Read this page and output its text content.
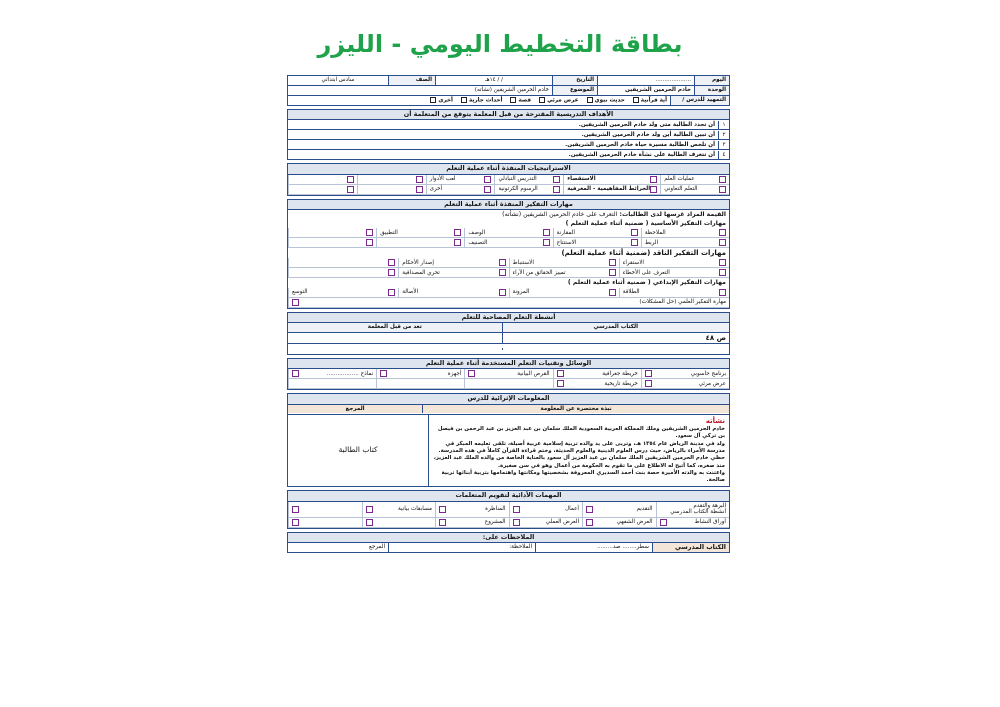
بطاقة التخطيط اليومي - الليزر
اليوم
....................
التاريخ
/ / ١٤هـ
الصف
سادس ابتدائي
الوحدة
خادم الحرمين الشريفين
الموضوع
خادم الحرمين الشريفين (نشأته)
التمهيد للدرس /
آية قرآنية
حديث نبوي
عرض مرئي
قصة
أحداث جارية
أخرى
الأهداف التدريسية المقترحة من قبل المعلمة يتوقع من المتعلمة أن
١
أن تحدد الطالبة متى ولد خادم الحرمين الشريفين.
٢
أن تبين الطالبة أين ولد خادم الحرمين الشريفين.
٣
أن تلخص الطالبة مسيرة حياة خادم الحرمين الشريفين.
٤
أن تتعرف الطالبة على نشأة خادم الحرمين الشريفين.
الاستراتيجيات المنفذة أثناء عملية التعلم
عمليات العلم
الاستقصاء
التدريس التبادلي
لعب الأدوار
التعلم التعاوني
الخرائط المفاهيمية - المعرفية
الرسوم الكرتونية
أخرى
مهارات التفكير المنفذة أثناء عملية التعلم
القيمة المراد غرسها لدى الطالبات: التعرف على خادم الحرمين الشريفين (نشأته)
مهارات التفكير الأساسية ( ضمنية أثناء عملية التعلم )
الملاحظة
المقارنة
الوصف
التطبيق
الربط
الاستنتاج
التصنيف
مهارات التفكير الناقد (ضمنية أثناء عملية التعلم)
الاستقراء
الاستنباط
إصدار الأحكام
التعرف على الأخطاء
تمييز الحقائق من الآراء
تحري المصداقية
مهارات التفكير الإبداعي ( ضمنية أثناء عملية التعلم )
الطلاقة
المرونة
الأصالة
التوسع
مهارة التفكير العلمي (حل المشكلات)
أنشطة التعلم المصاحبة للتعلم
الكتاب المدرسي
تعد من قبل المعلمة
ص ٤٨
الوسائل وتقنيات التعلم المستخدمة أثناء عملية التعلم
برنامج حاسوبي
خريطة جغرافية
القرص البيانية
أجهزة
نماذج ..................
عرض مرئي
خريطة تاريخية
المعلومات الإثرائية للدرس
نبذة مختصرة عن المعلومة
المرجع
نشأته
خادم الحرمين الشريفين وملك المملكة العربية السعودية الملك سلمان بن عبد العزيز بن عبد الرحمن بن فيصل بن تركي آل سعود.
ولد في مدينة الرياض عام ١٣٥٤ هـ، وتربى على يد والده تربية إسلامية عربية أصيلة، تلقى تعليمه المبكر في مدرسة الأمراء بالرياض، حيث درس العلوم الدينية والعلوم الحديثة، وختم قراءة القرآن كاملاً في هذه المدرسة.
حظي خادم الحرمين الشريفين الملك سلمان بن عبد العزيز آل سعود بالعناية الخاصة من والده الملك عبد العزيز، منذ صغره، كما أتيح له الاطلاع على ما تقوم به الحكومة من أعمال وهو في سن صغيرة.
واعتنت به والدته الأميرة حصة بنت أحمد السديري المعروفة بشخصيتها ومكانتها واهتمامها بتربية أبنائها تربية صالحة.
كتاب الطالبة
المهمات الأدائية لتقويم المتعلمات
البرهة والتقدم
أنشطة الكتاب المدرسي
التقديم
أعمال
المناظرة
مسابقات بيانية
أوراق النشاط
العرض الشفهي
العرض العملي
المشروع
الملاحظات على:
الكتاب المدرسي
سطر........ صد.........
الملاحظة:
المرجع
